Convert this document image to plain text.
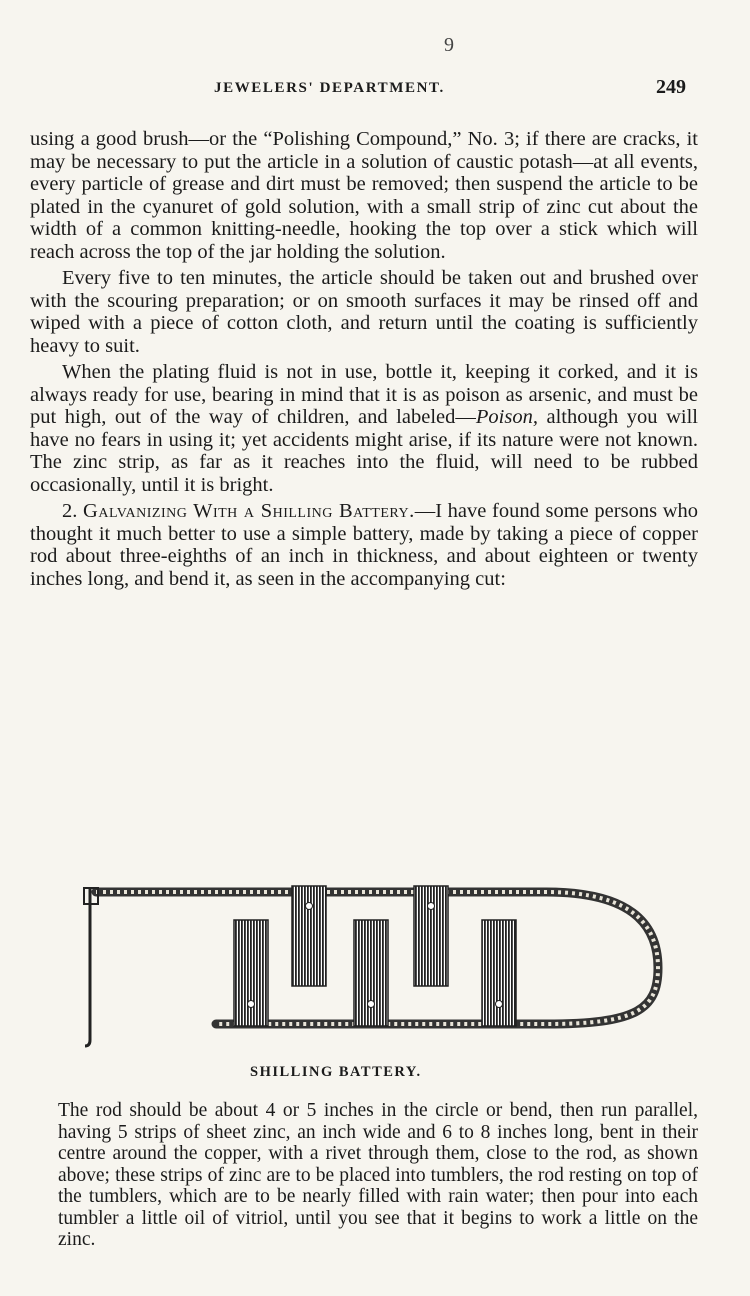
9
JEWELERS' DEPARTMENT.	249

using a good brush—or the “Polishing Compound,” No. 3; if there are cracks, it may be necessary to put the article in a solution of caustic potash—at all events, every particle of grease and dirt must be removed; then suspend the article to be plated in the cyanuret of gold solution, with a small strip of zinc cut about the width of a common knitting-needle, hooking the top over a stick which will reach across the top of the jar holding the solution.

Every five to ten minutes, the article should be taken out and brushed over with the scouring preparation; or on smooth surfaces it may be rinsed off and wiped with a piece of cotton cloth, and return until the coating is sufficiently heavy to suit.

When the plating fluid is not in use, bottle it, keeping it corked, and it is always ready for use, bearing in mind that it is as poison as arsenic, and must be put high, out of the way of children, and labeled—Poison, although you will have no fears in using it; yet accidents might arise, if its nature were not known. The zinc strip, as far as it reaches into the fluid, will need to be rubbed occasionally, until it is bright.

2. Galvanizing With a Shilling Battery.—I have found some persons who thought it much better to use a simple battery, made by taking a piece of copper rod about three-eighths of an inch in thickness, and about eighteen or twenty inches long, and bend it, as seen in the accompanying cut:

SHILLING BATTERY.

The rod should be about 4 or 5 inches in the circle or bend, then run parallel, having 5 strips of sheet zinc, an inch wide and 6 to 8 inches long, bent in their centre around the copper, with a rivet through them, close to the rod, as shown above; these strips of zinc are to be placed into tumblers, the rod resting on top of the tumblers, which are to be nearly filled with rain water; then pour into each tumbler a little oil of vitriol, until you see that it begins to work a little on the zinc.
